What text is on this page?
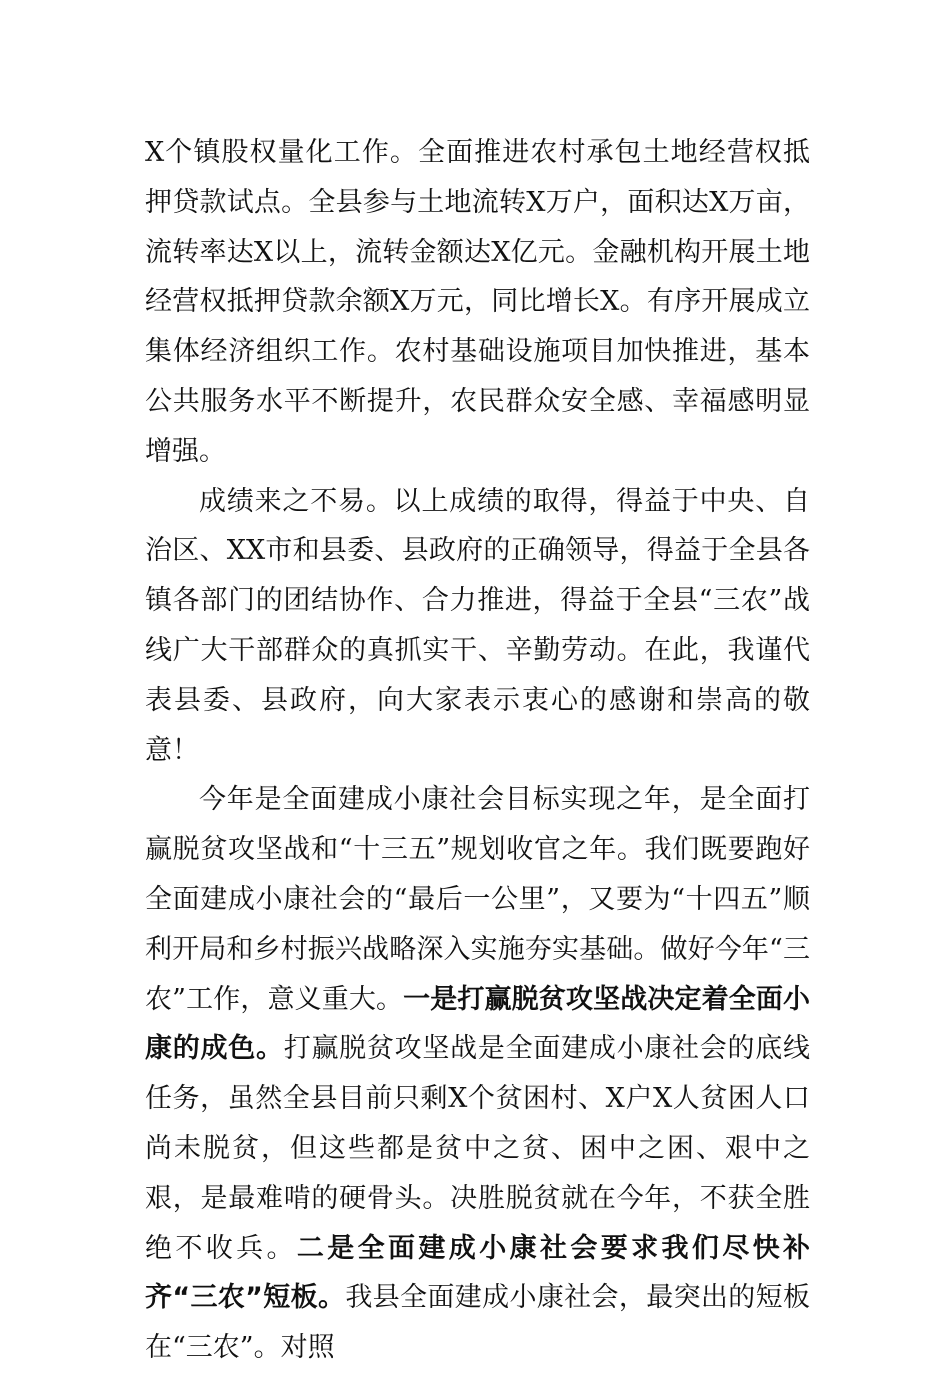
X个镇股权量化工作。全面推进农村承包土地经营权抵押贷款试点。全县参与土地流转X万户，面积达X万亩，流转率达X以上，流转金额达X亿元。金融机构开展土地经营权抵押贷款余额X万元，同比增长X。有序开展成立集体经济组织工作。农村基础设施项目加快推进，基本公共服务水平不断提升，农民群众安全感、幸福感明显增强。

成绩来之不易。以上成绩的取得，得益于中央、自治区、XX市和县委、县政府的正确领导，得益于全县各镇各部门的团结协作、合力推进，得益于全县“三农”战线广大干部群众的真抓实干、辛勤劳动。在此，我谨代表县委、县政府，向大家表示衷心的感谢和崇高的敬意！

今年是全面建成小康社会目标实现之年，是全面打赢脱贫攻坚战和“十三五”规划收官之年。我们既要跑好全面建成小康社会的“最后一公里”，又要为“十四五”顺利开局和乡村振兴战略深入实施夯实基础。做好今年“三农”工作，意义重大。一是打赢脱贫攻坚战决定着全面小康的成色。打赢脱贫攻坚战是全面建成小康社会的底线任务，虽然全县目前只剩X个贫困村、X户X人贫困人口尚未脱贫，但这些都是贫中之贫、困中之困、艰中之艰，是最难啃的硬骨头。决胜脱贫就在今年，不获全胜绝不收兵。二是全面建成小康社会要求我们尽快补齐“三农”短板。我县全面建成小康社会，最突出的短板在“三农”。对照
